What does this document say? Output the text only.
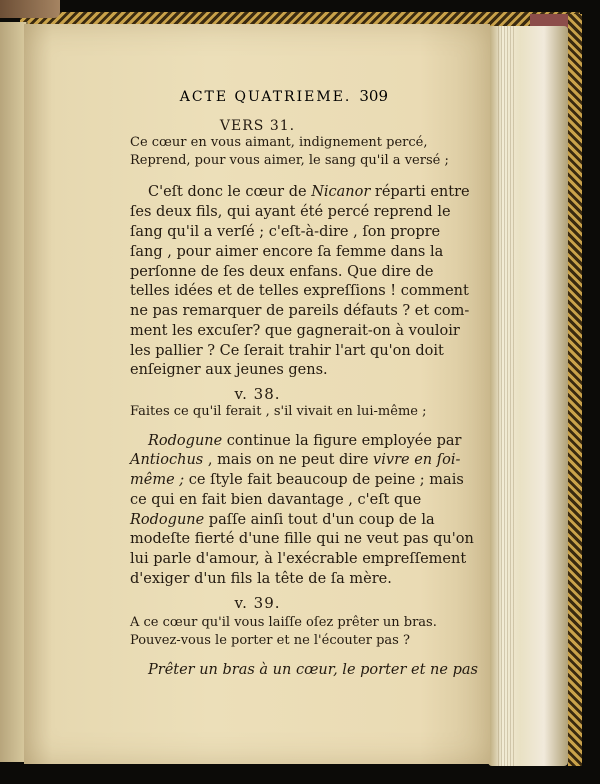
ACTE QUATRIEME. 309
VERS 31.
Ce cœur en vous aimant, indignement percé,
Reprend, pour vous aimer, le sang qu'il a versé ;
C'eſt donc le cœur de Nicanor réparti entre
ſes deux fils, qui ayant été percé reprend le
ſang qu'il a verſé ; c'eſt-à-dire , ſon propre
ſang , pour aimer encore ſa femme dans la
perſonne de ſes deux enfans. Que dire de
telles idées et de telles expreſſions ! comment
ne pas remarquer de pareils défauts ? et com-
ment les excuſer? que gagnerait-on à vouloir
les pallier ? Ce ſerait trahir l'art qu'on doit
enſeigner aux jeunes gens.
v. 38.
Faites ce qu'il ferait , s'il vivait en lui-même ;
Rodogune continue la figure employée par
Antiochus , mais on ne peut dire vivre en ſoi-
même ; ce ſtyle fait beaucoup de peine ; mais
ce qui en fait bien davantage , c'eſt que
Rodogune paſſe ainſi tout d'un coup de la
modeſte fierté d'une fille qui ne veut pas qu'on
lui parle d'amour, à l'exécrable empreſſement
d'exiger d'un fils la tête de ſa mère.
v. 39.
A ce cœur qu'il vous laiſſe oſez prêter un bras.
Pouvez-vous le porter et ne l'écouter pas ?
Prêter un bras à un cœur, le porter et ne pas
